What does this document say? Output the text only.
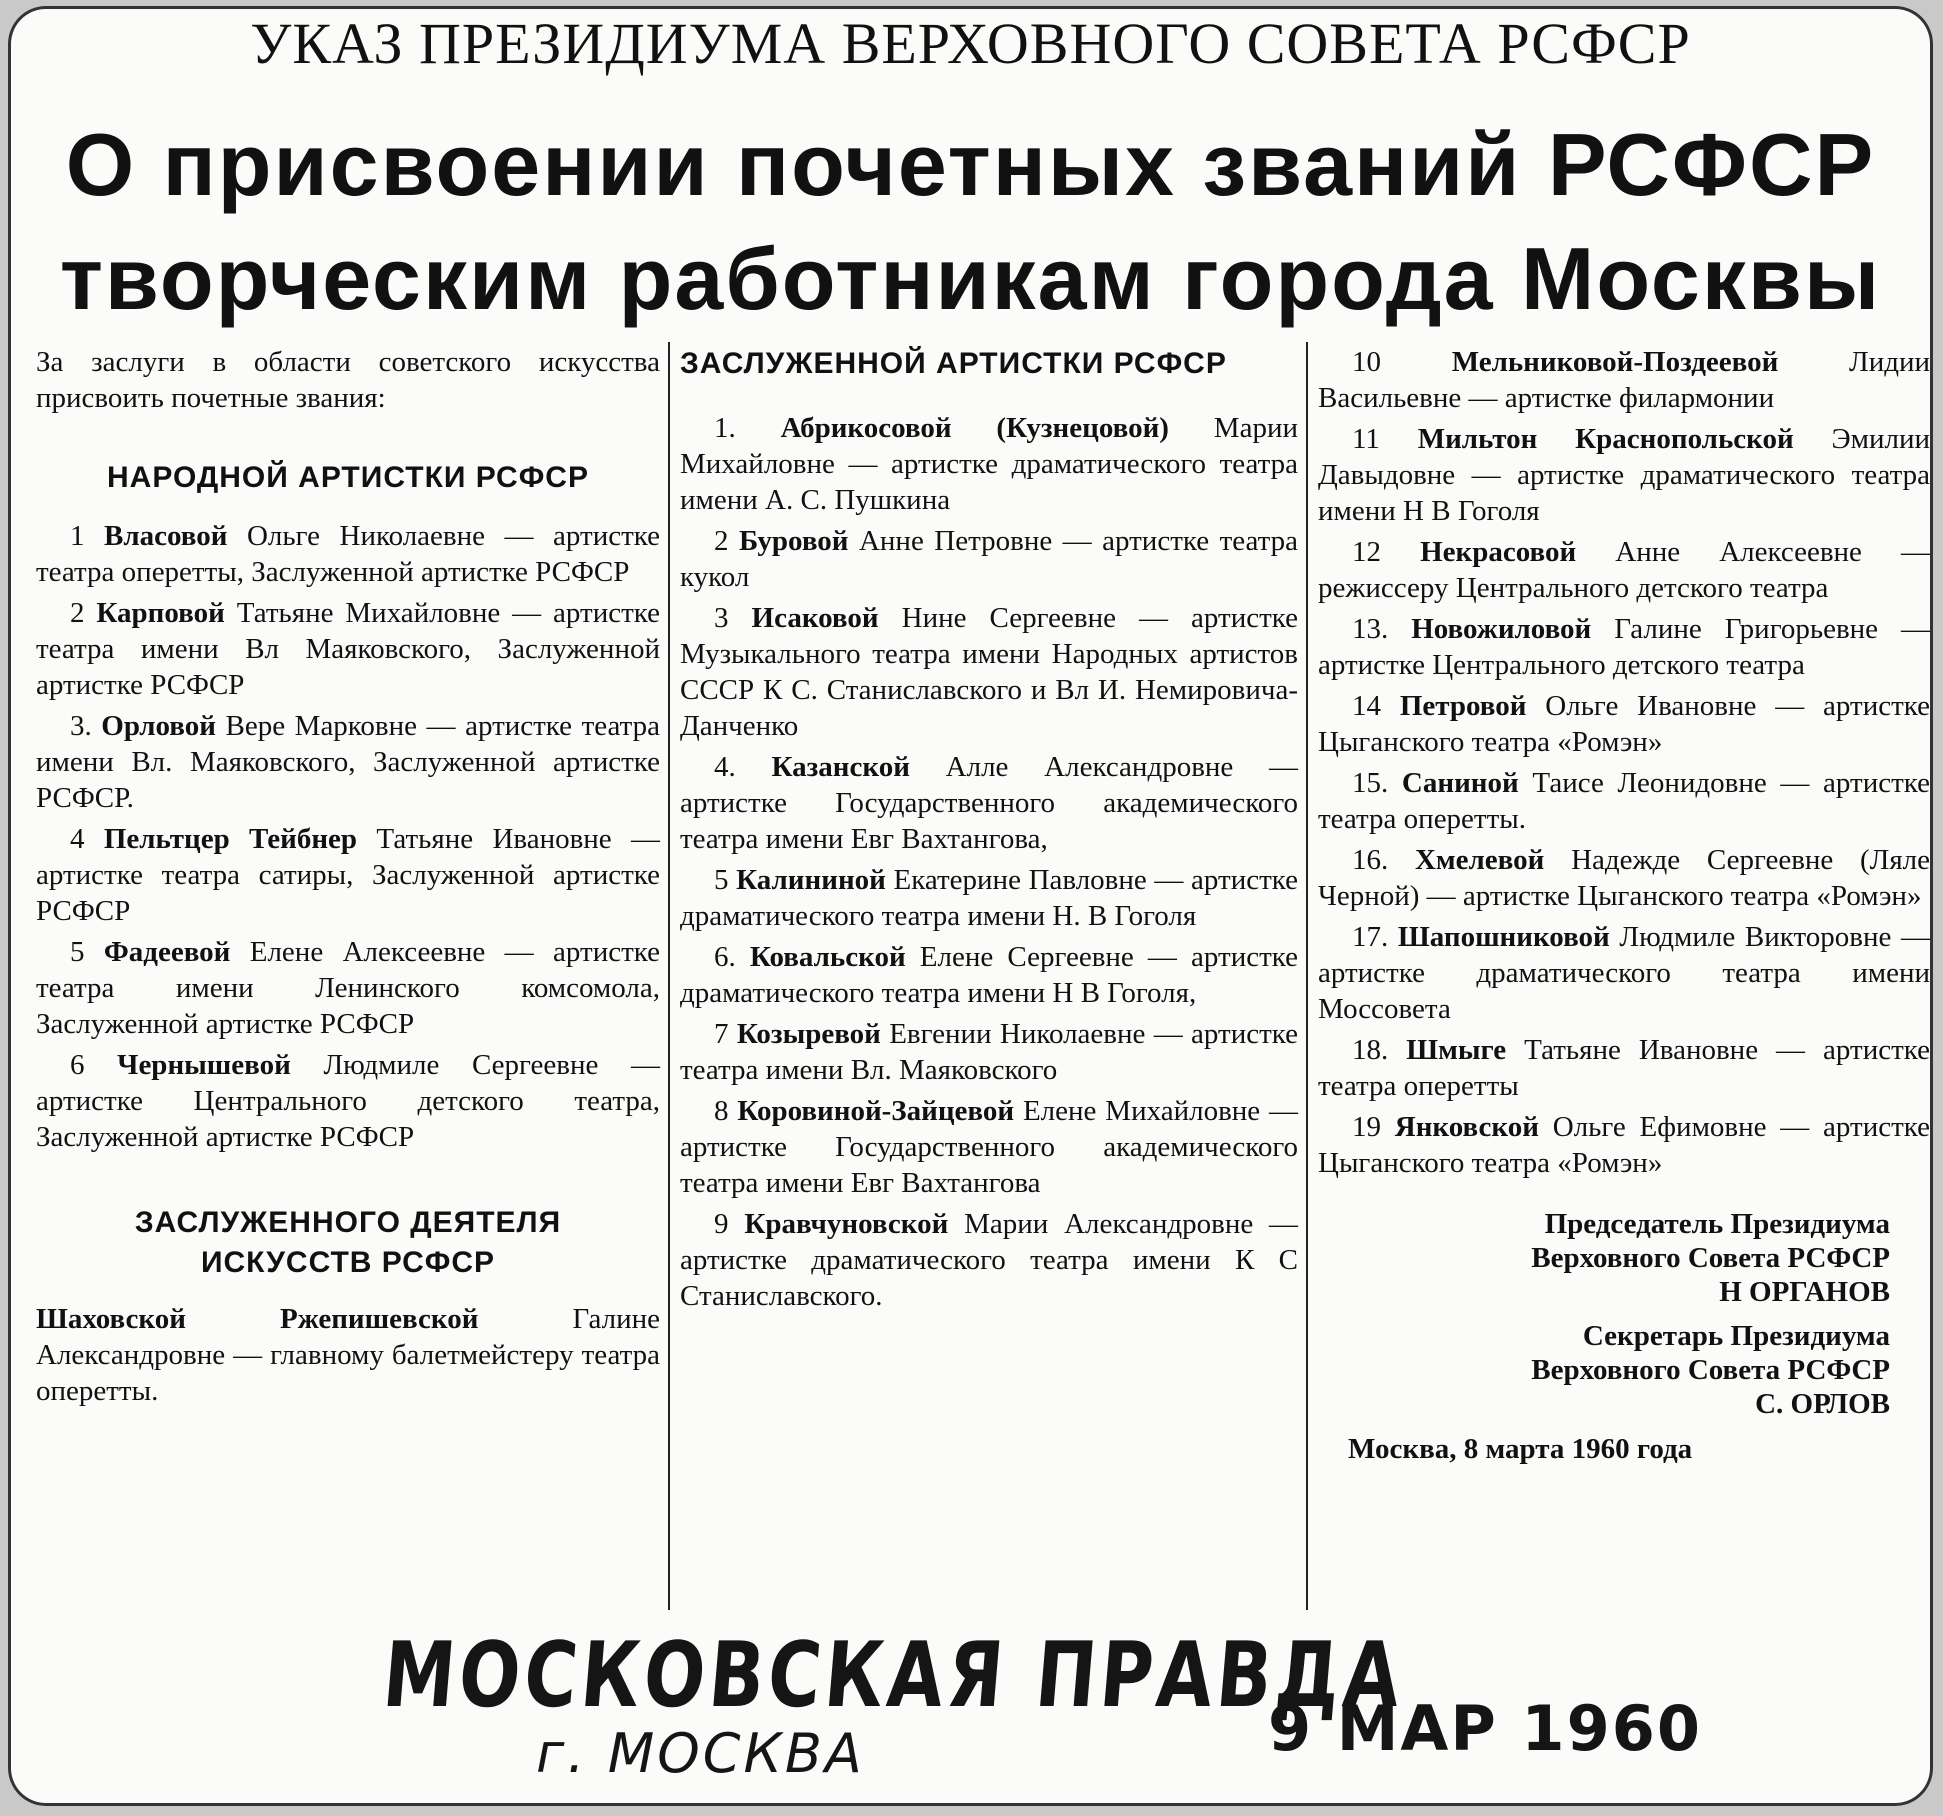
УКАЗ ПРЕЗИДИУМА ВЕРХОВНОГО СОВЕТА РСФСР
О присвоении почетных званий РСФСР
творческим работникам города Москвы

За заслуги в области советского искусства присвоить почетные звания:

НАРОДНОЙ АРТИСТКИ РСФСР

1 Власовой Ольге Николаевне — артистке театра оперетты, Заслуженной артистке РСФСР

2 Карповой Татьяне Михайловне — артистке театра имени Вл Маяковского, Заслуженной артистке РСФСР

3. Орловой Вере Марковне — артистке театра имени Вл. Маяковского, Заслуженной артистке РСФСР.

4 Пельтцер Тейбнер Татьяне Ивановне — артистке театра сатиры, Заслуженной артистке РСФСР

5 Фадеевой Елене Алексеевне — артистке театра имени Ленинского комсомола, Заслуженной артистке РСФСР

6 Чернышевой Людмиле Сергеевне — артистке Центрального детского театра, Заслуженной артистке РСФСР

ЗАСЛУЖЕННОГО ДЕЯТЕЛЯ
ИСКУССТВ РСФСР

Шаховской Ржепишевской	Галине Александровне — главному балетмейстеру театра оперетты.

ЗАСЛУЖЕННОЙ АРТИСТКИ РСФСР

1. Абрикосовой (Кузнецовой) Марии Михайловне — артистке драматического театра имени А. С. Пушкина

2 Буровой Анне Петровне — артистке театра кукол

3 Исаковой Нине Сергеевне — артистке Музыкального театра имени Народных артистов СССР К С. Станиславского и Вл И. Немировича-Данченко

4. Казанской Алле Александровне — артистке Государственного академического театра имени Евг Вахтангова,

5 Калининой Екатерине Павловне — артистке драматического театра имени Н. В Гоголя

6. Ковальской Елене Сергеевне — артистке драматического театра имени Н В Гоголя,

7 Козыревой Евгении Николаевне — артистке театра имени Вл. Маяковского

8 Коровиной-Зайцевой Елене Михайловне — артистке Государственного академического театра имени Евг Вахтангова

9 Кравчуновской Марии Александровне — артистке драматического театра имени К С Станиславского.

10 Мельниковой-Поздеевой Лидии Васильевне — артистке филармонии

11 Мильтон Краснопольской Эмилии Давыдовне — артистке драматического театра имени Н В Гоголя

12 Некрасовой Анне Алексеевне — режиссеру Центрального детского театра

13. Новожиловой Галине Григорьевне — артистке Центрального детского театра

14 Петровой Ольге Ивановне — артистке Цыганского театра «Ромэн»

15. Саниной Таисе Леонидовне — артистке театра оперетты.

16. Хмелевой Надежде Сергеевне (Ляле Черной) — артистке Цыганского театра «Ромэн»

17. Шапошниковой Людмиле Викторовне — артистке драматического театра имени Моссовета

18. Шмыге Татьяне Ивановне — артистке театра оперетты

19 Янковской Ольге Ефимовне — артистке Цыганского театра «Ромэн»

Председатель Президиума
Верховного Совета РСФСР
Н ОРГАНОВ
Секретарь Президиума
Верховного Совета РСФСР
С. ОРЛОВ
Москва, 8 марта 1960 года
МОСКОВСКАЯ ПРАВДА
г. МОСКВА	9 МАР 1960
